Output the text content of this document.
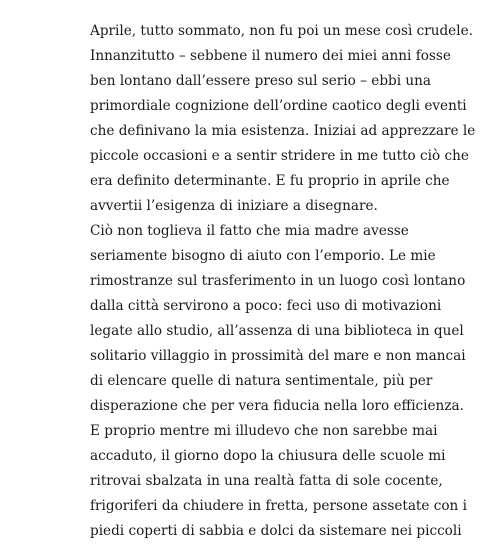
Aprile, tutto sommato, non fu poi un mese così crudele.
Innanzitutto – sebbene il numero dei miei anni fosse
ben lontano dall’essere preso sul serio – ebbi una
primordiale cognizione dell’ordine caotico degli eventi
che definivano la mia esistenza. Iniziai ad apprezzare le
piccole occasioni e a sentir stridere in me tutto ciò che
era definito determinante. E fu proprio in aprile che
avvertii l’esigenza di iniziare a disegnare.
Ciò non toglieva il fatto che mia madre avesse
seriamente bisogno di aiuto con l’emporio. Le mie
rimostranze sul trasferimento in un luogo così lontano
dalla città servirono a poco: feci uso di motivazioni
legate allo studio, all’assenza di una biblioteca in quel
solitario villaggio in prossimità del mare e non mancai
di elencare quelle di natura sentimentale, più per
disperazione che per vera fiducia nella loro efficienza.
E proprio mentre mi illudevo che non sarebbe mai
accaduto, il giorno dopo la chiusura delle scuole mi
ritrovai sbalzata in una realtà fatta di sole cocente,
frigoriferi da chiudere in fretta, persone assetate con i
piedi coperti di sabbia e dolci da sistemare nei piccoli
